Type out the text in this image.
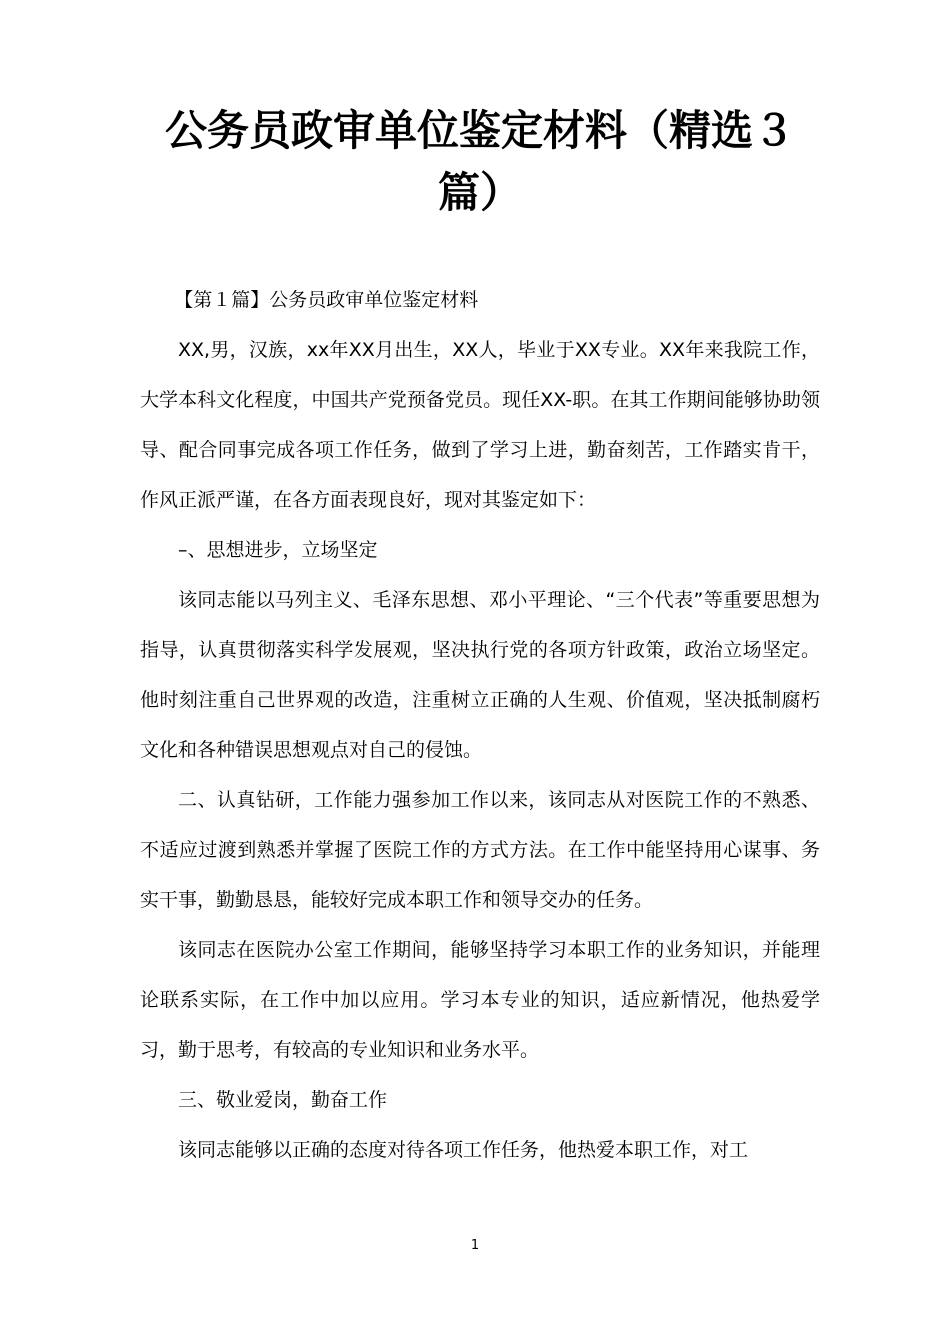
公务员政审单位鉴定材料（精选３篇）

【第１篇】公务员政审单位鉴定材料

XX,男，汉族，xx年XX月出生，XX人，毕业于XX专业。XX年来我院工作，大学本科文化程度，中国共产党预备党员。现任XX-职。在其工作期间能够协助领导、配合同事完成各项工作任务，做到了学习上进，勤奋刻苦，工作踏实肯干，作风正派严谨，在各方面表现良好，现对其鉴定如下：

–、思想进步，立场坚定

该同志能以马列主义、毛泽东思想、邓小平理论、“三个代表”等重要思想为指导，认真贯彻落实科学发展观，坚决执行党的各项方针政策，政治立场坚定。他时刻注重自己世界观的改造，注重树立正确的人生观、价值观，坚决抵制腐朽文化和各种错误思想观点对自己的侵蚀。

二、认真钻研，工作能力强参加工作以来，该同志从对医院工作的不熟悉、不适应过渡到熟悉并掌握了医院工作的方式方法。在工作中能坚持用心谋事、务实干事，勤勤恳恳，能较好完成本职工作和领导交办的任务。

该同志在医院办公室工作期间，能够坚持学习本职工作的业务知识，并能理论联系实际，在工作中加以应用。学习本专业的知识，适应新情况，他热爱学习，勤于思考，有较高的专业知识和业务水平。

三、敬业爱岗，勤奋工作

该同志能够以正确的态度对待各项工作任务，他热爱本职工作，对工

1
